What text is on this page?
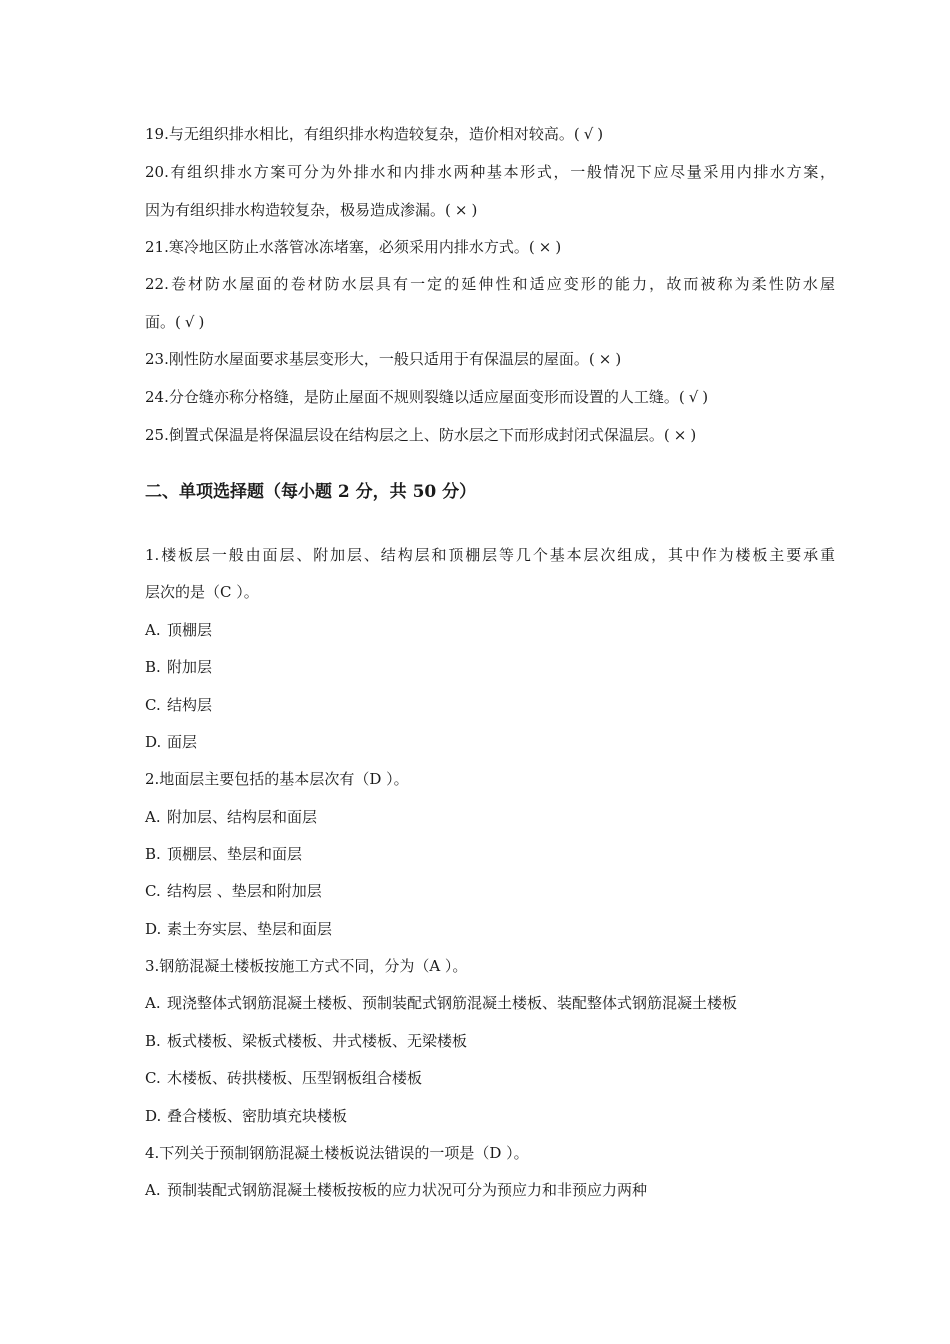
19.与无组织排水相比，有组织排水构造较复杂，造价相对较高。( √ )
20.有组织排水方案可分为外排水和内排水两种基本形式，一般情况下应尽量采用内排水方案，
因为有组织排水构造较复杂，极易造成渗漏。( × )
21.寒冷地区防止水落管冰冻堵塞，必须采用内排水方式。( × )
22.卷材防水屋面的卷材防水层具有一定的延伸性和适应变形的能力，故而被称为柔性防水屋
面。( √ )
23.刚性防水屋面要求基层变形大，一般只适用于有保温层的屋面。( × )
24.分仓缝亦称分格缝，是防止屋面不规则裂缝以适应屋面变形而设置的人工缝。( √ )
25.倒置式保温是将保温层设在结构层之上、防水层之下而形成封闭式保温层。( × )
二、单项选择题（每小题 2 分，共 50 分）
1.楼板层一般由面层、附加层、结构层和顶棚层等几个基本层次组成，其中作为楼板主要承重
层次的是（C ）。
A. 顶棚层
B. 附加层
C. 结构层
D. 面层
2.地面层主要包括的基本层次有（D ）。
A. 附加层、结构层和面层
B. 顶棚层、垫层和面层
C. 结构层 、垫层和附加层
D. 素土夯实层、垫层和面层
3.钢筋混凝土楼板按施工方式不同，分为（A ）。
A. 现浇整体式钢筋混凝土楼板、预制装配式钢筋混凝土楼板、装配整体式钢筋混凝土楼板
B. 板式楼板、梁板式楼板、井式楼板、无梁楼板
C. 木楼板、砖拱楼板、压型钢板组合楼板
D. 叠合楼板、密肋填充块楼板
4.下列关于预制钢筋混凝土楼板说法错误的一项是（D ）。
A. 预制装配式钢筋混凝土楼板按板的应力状况可分为预应力和非预应力两种
